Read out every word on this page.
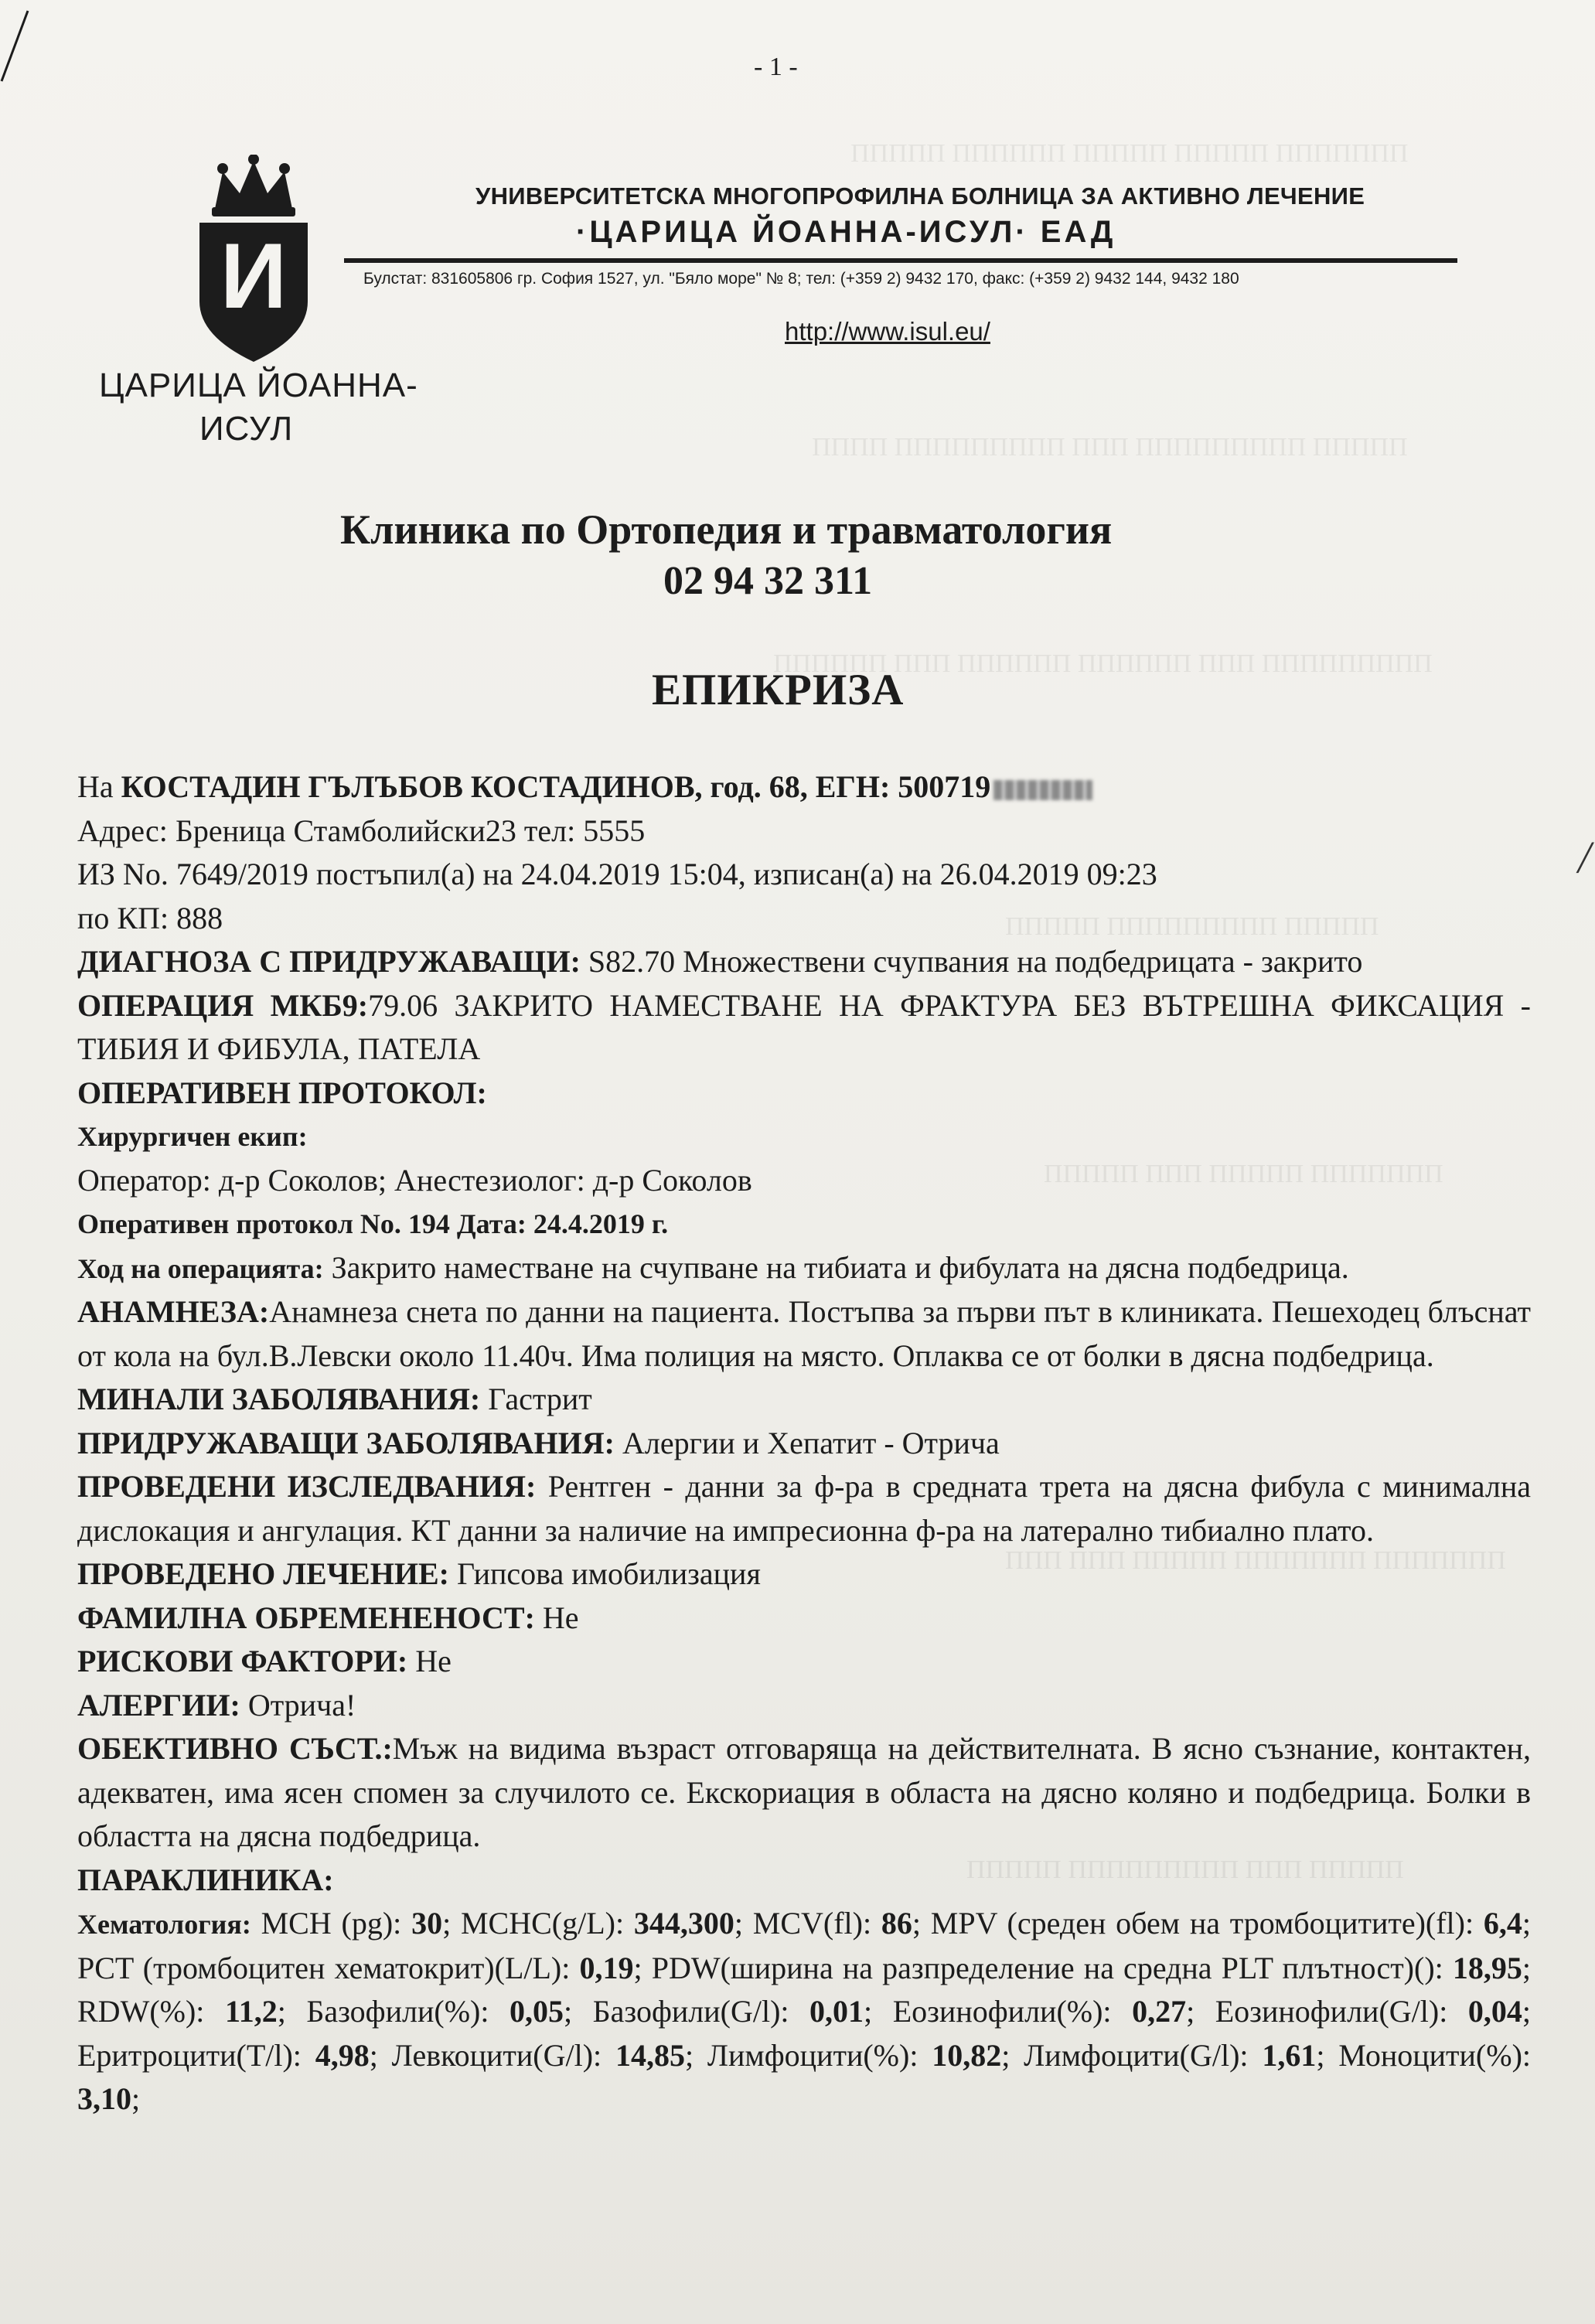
ППППППП ППППП ППППП ПППППП ППППП
ППППП ППППППППП ППП ППППППППП ПППП
ППППППППП ППП ПППППП ПППППП ППП ПППППП
ППППП ППППППППП ППППП
ППППППП ППППП ППП ППППП
ППППППП ППППППП ППППП ППП ППП
ППППП ППП ППППППППП ППППП
- 1 -
И
ЦАРИЦА ЙОАННА-
ИСУЛ
УНИВЕРСИТЕТСКА МНОГОПРОФИЛНА БОЛНИЦА ЗА АКТИВНО ЛЕЧЕНИЕ
·ЦАРИЦА ЙОАННА-ИСУЛ· ЕАД
Булстат: 831605806 гр. София 1527, ул. "Бяло море" № 8; тел: (+359 2) 9432 170, факс: (+359 2) 9432 144, 9432 180
http://www.isul.eu/
Клиника по Ортопедия и травматология
02 94 32 311
ЕПИКРИЗА

На КОСТАДИН ГЪЛЪБОВ КОСТАДИНОВ, год. 68, ЕГН: 500719

Адрес: Бреница Стамболийски23 тел: 5555

ИЗ No. 7649/2019 постъпил(а) на 24.04.2019 15:04, изписан(а) на 26.04.2019 09:23

по КП: 888

ДИАГНОЗА С ПРИДРУЖАВАЩИ: S82.70 Множествени счупвания на подбедрицата - закрито

ОПЕРАЦИЯ МКБ9:79.06 ЗАКРИТО НАМЕСТВАНЕ НА ФРАКТУРА БЕЗ ВЪТРЕШНА ФИКСАЦИЯ - ТИБИЯ И ФИБУЛА, ПАТЕЛА

ОПЕРАТИВЕН ПРОТОКОЛ:

Хирургичен екип:

Оператор: д-р Соколов; Анестезиолог: д-р Соколов

Оперативен протокол No. 194 Дата: 24.4.2019 г.

Ход на операцията: Закрито наместване на счупване на тибиата и фибулата на дясна подбедрица.

АНАМНЕЗА:Анамнеза снета по данни на пациента. Постъпва за първи път в клиниката. Пешеходец блъснат от кола на бул.В.Левски около 11.40ч. Има полиция на място. Оплаква се от болки в дясна подбедрица.

МИНАЛИ ЗАБОЛЯВАНИЯ: Гастрит

ПРИДРУЖАВАЩИ ЗАБОЛЯВАНИЯ: Алергии и Хепатит - Отрича

ПРОВЕДЕНИ ИЗСЛЕДВАНИЯ: Рентген - данни за ф-ра в средната трета на дясна фибула с минимална дислокация и ангулация. КТ данни за наличие на импресионна ф-ра на латерално тибиално плато.

ПРОВЕДЕНО ЛЕЧЕНИЕ: Гипсова имобилизация

ФАМИЛНА ОБРЕМЕНЕНОСТ: Не

РИСКОВИ ФАКТОРИ: Не

АЛЕРГИИ: Отрича!

ОБЕКТИВНО СЪСТ.:Мъж на видима възраст отговаряща на действителната. В ясно съзнание, контактен, адекватен, има ясен спомен за случилото се. Екскориация в областа на дясно коляно и подбедрица. Болки в областта на дясна подбедрица.

ПАРАКЛИНИКА:

Хематология: MCH (pg): 30; MCHC(g/L): 344,300; MCV(fl): 86; MPV (среден обем на тромбоцитите)(fl): 6,4; PCT (тромбоцитен хематокрит)(L/L): 0,19; PDW(ширина на разпределение на средна PLT плътност)(): 18,95; RDW(%): 11,2; Базофили(%): 0,05; Базофили(G/l): 0,01; Еозинофили(%): 0,27; Еозинофили(G/l): 0,04; Еритроцити(T/l): 4,98; Левкоцити(G/l): 14,85; Лимфоцити(%): 10,82; Лимфоцити(G/l): 1,61; Моноцити(%): 3,10;

╱
